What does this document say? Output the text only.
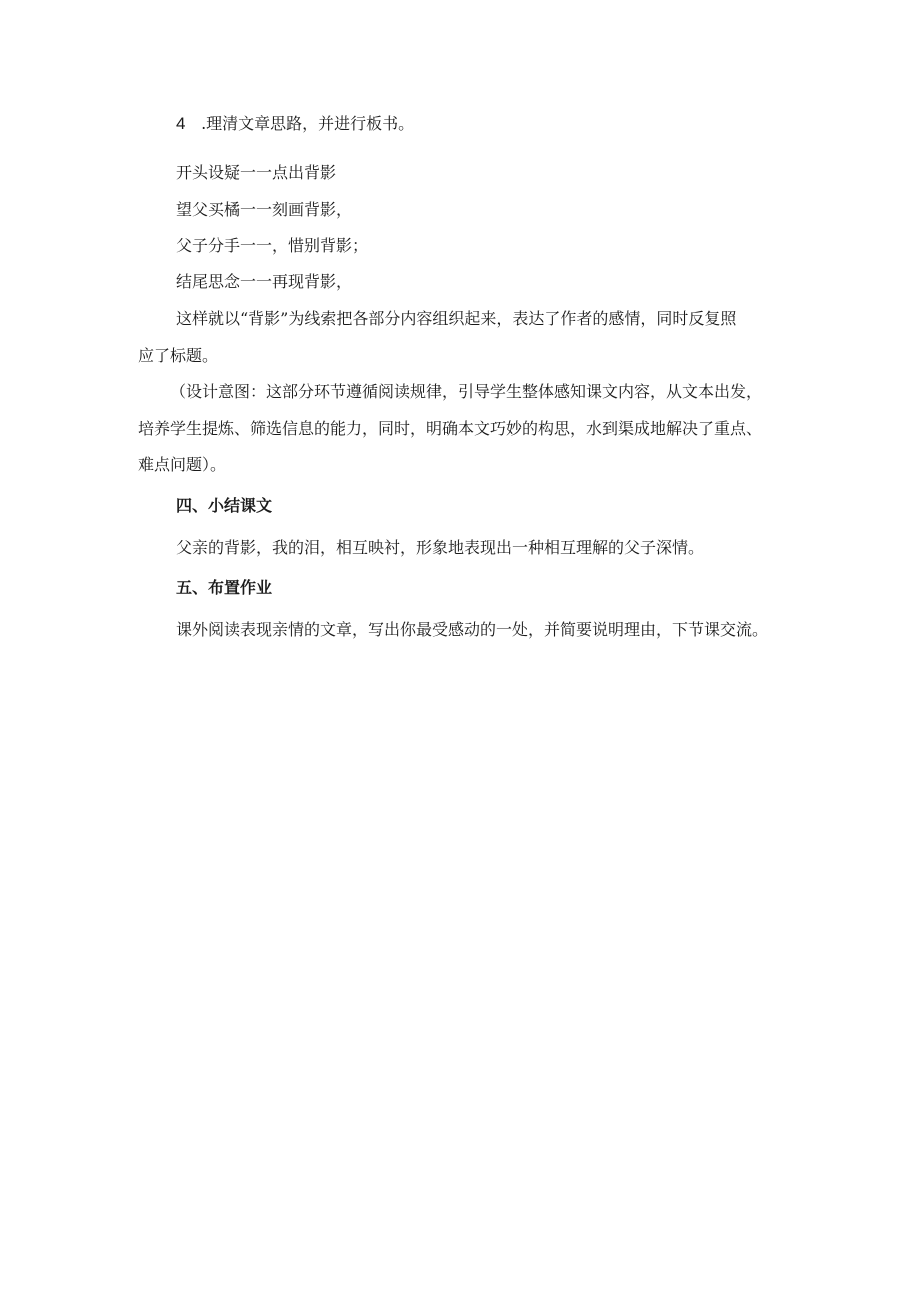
4 .理清文章思路，并进行板书。
开头设疑一一点出背影
望父买橘一一刻画背影，
父子分手一一，惜别背影；
结尾思念一一再现背影，
这样就以“背影”为线索把各部分内容组织起来，表达了作者的感情，同时反复照
应了标题。
（设计意图：这部分环节遵循阅读规律，引导学生整体感知课文内容，从文本出发，
培养学生提炼、筛选信息的能力，同时，明确本文巧妙的构思，水到渠成地解决了重点、
难点问题）。
四、小结课文
父亲的背影，我的泪，相互映衬，形象地表现出一种相互理解的父子深情。
五、布置作业
课外阅读表现亲情的文章，写出你最受感动的一处，并简要说明理由，下节课交流。
